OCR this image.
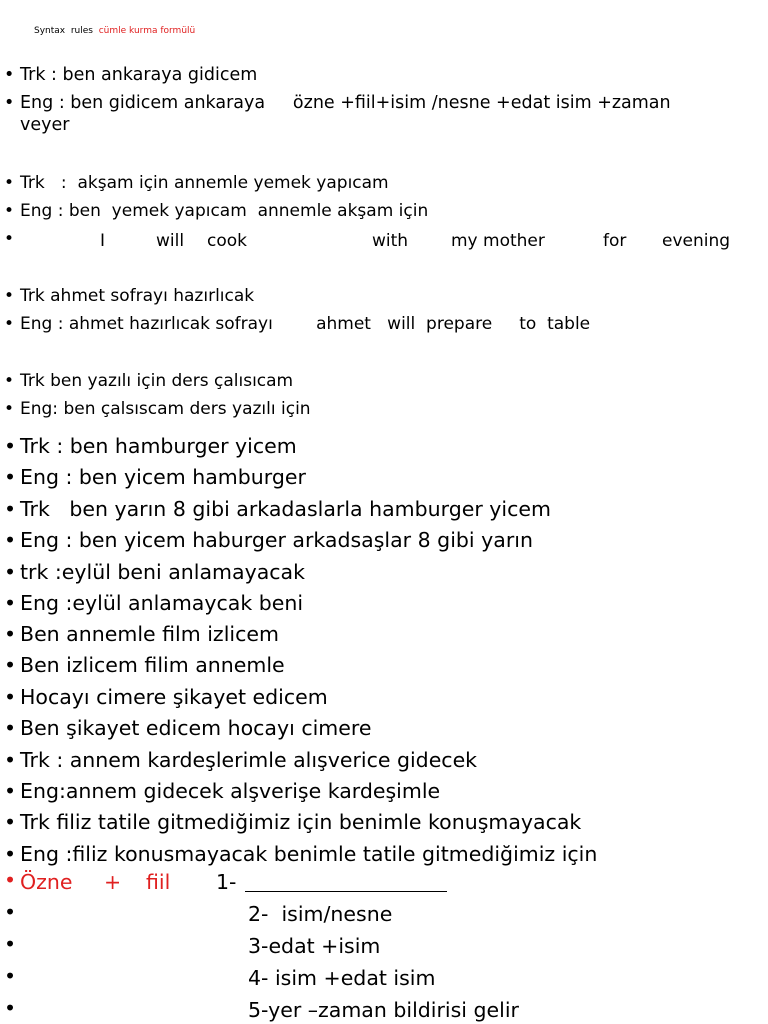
Syntax  rules cümle kurma formülü
• Trk : ben ankaraya gidicem
• Eng : ben gidicem ankaraya     özne +fiil+isim /nesne +edat isim +zaman
veyer
• Trk   :  akşam için annemle yemek yapıcam
• Eng : ben  yemek yapıcam  annemle akşam için
•	I	will cook	with	my mother	for evening
• Trk ahmet sofrayı hazırlıcak
• Eng : ahmet hazırlıcak sofrayı        ahmet   will  prepare     to  table
• Trk ben yazılı için ders çalısıcam
• Eng: ben çalsıscam ders yazılı için
• Trk : ben hamburger yicem
• Eng : ben yicem hamburger
• Trk   ben yarın 8 gibi arkadaslarla hamburger yicem
• Eng : ben yicem haburger arkadsaşlar 8 gibi yarın
• trk :eylül beni anlamayacak
• Eng :eylül anlamaycak beni
• Ben annemle film izlicem
• Ben izlicem filim annemle
• Hocayı cimere şikayet edicem
• Ben şikayet edicem hocayı cimere
• Trk : annem kardeşlerimle alışverice gidecek
• Eng:annem gidecek alşverişe kardeşimle
• Trk filiz tatile gitmediğimiz için benimle konuşmayacak
• Eng :filiz konusmayacak benimle tatile gitmediğimiz için
• Özne + fiil 1-
•	2-  isim/nesne
•	3-edat +isim
•	4- isim +edat isim
•	5-yer –zaman bildirisi gelir
